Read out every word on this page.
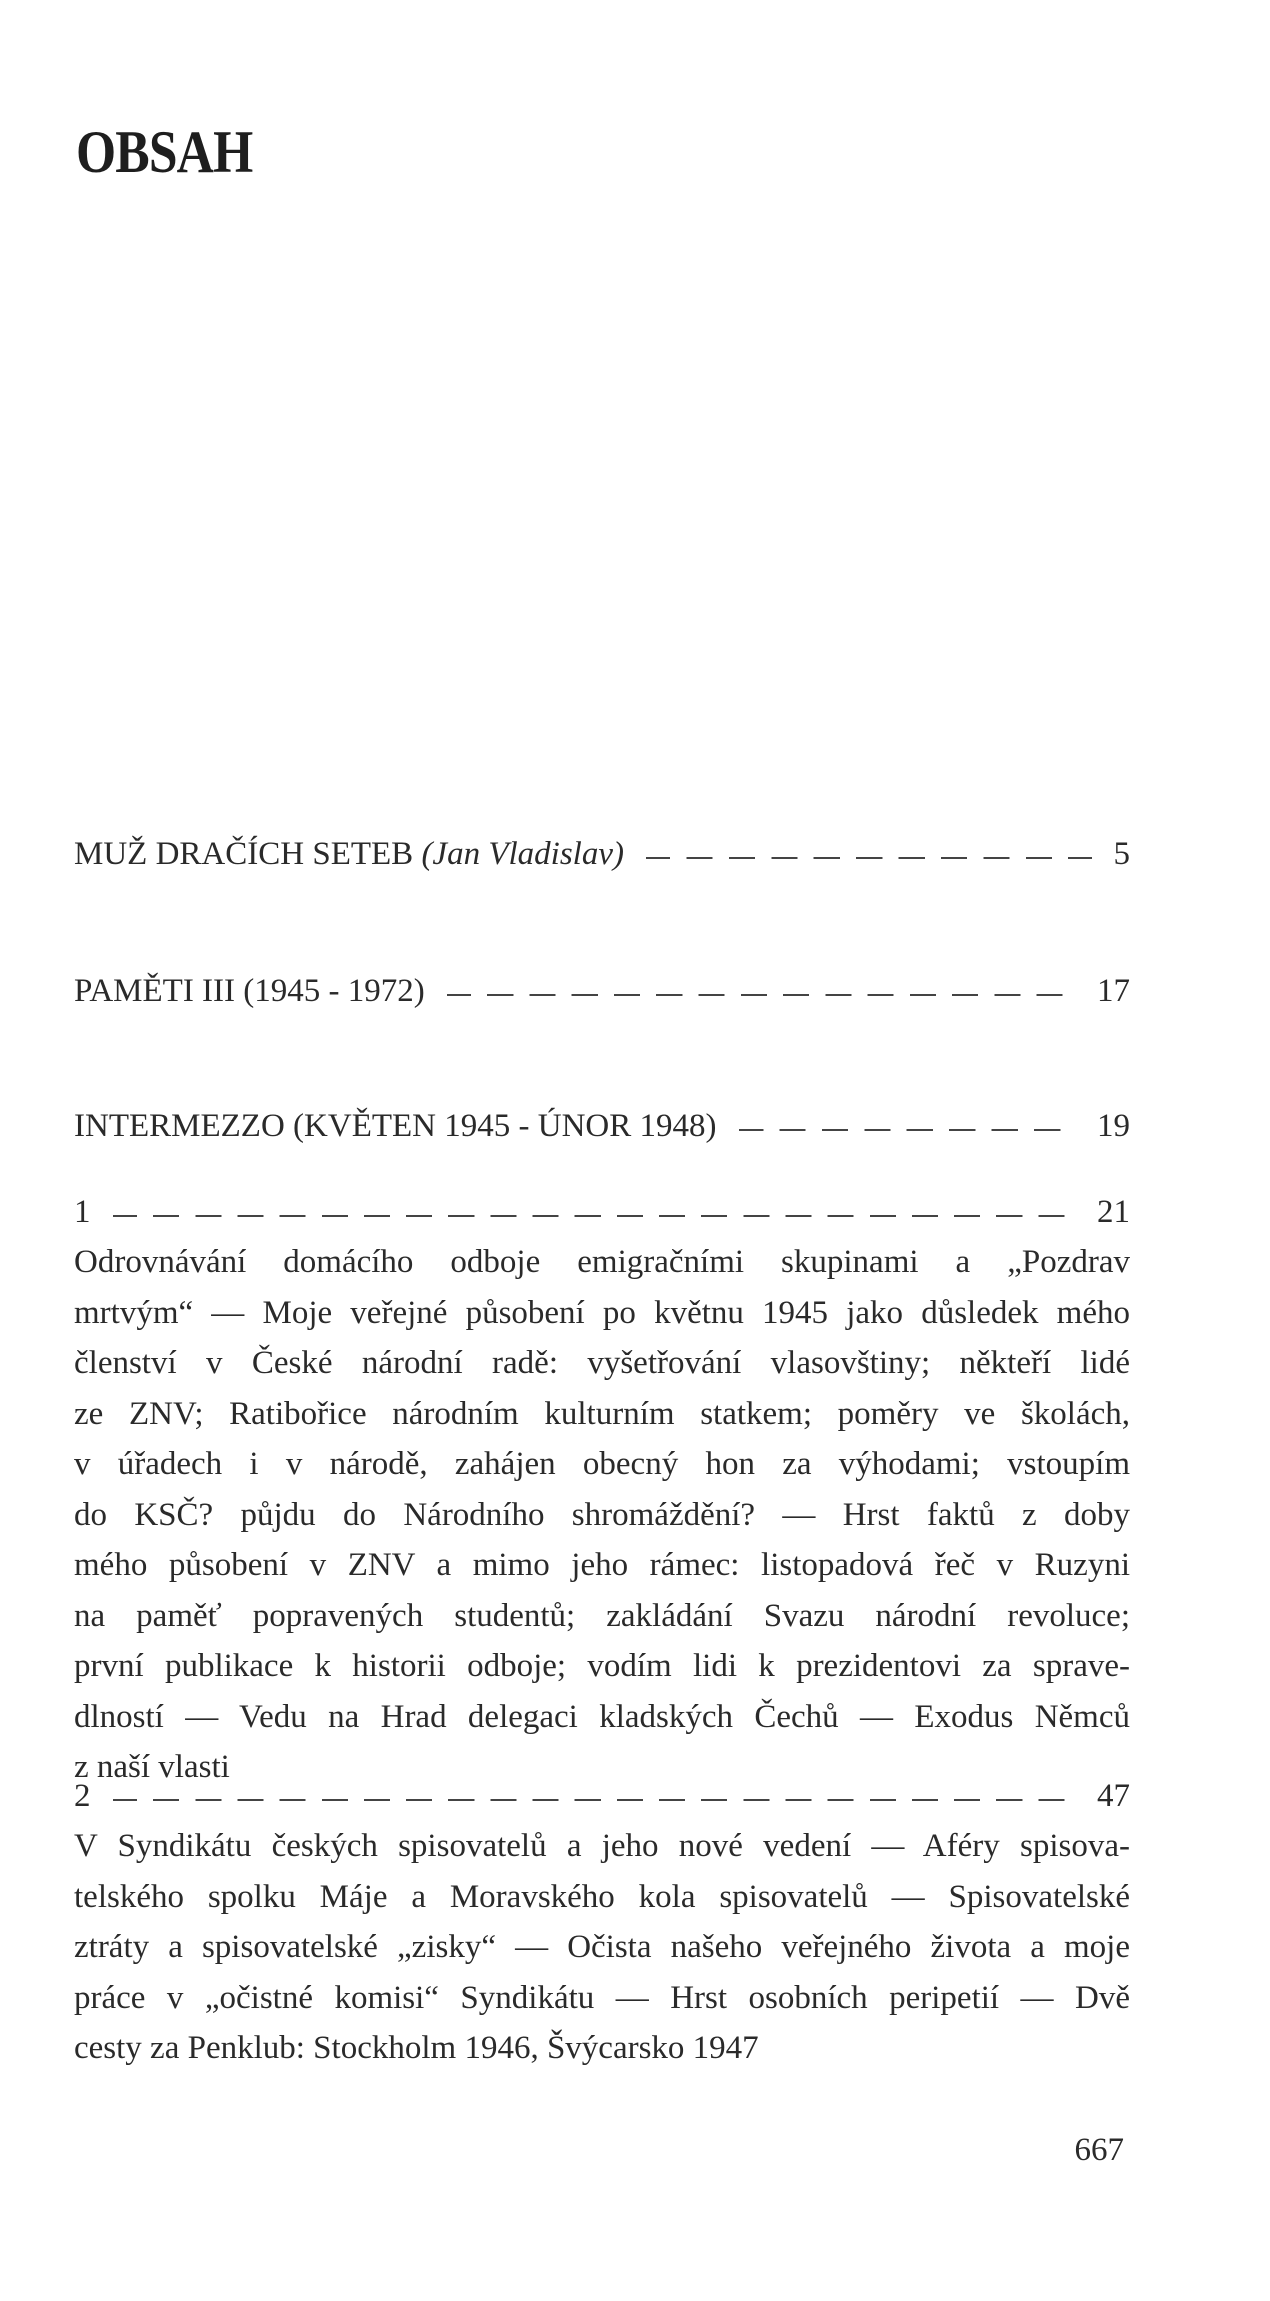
OBSAH
MUŽ DRAČÍCH SETEB (Jan Vladislav)	5
PAMĚTI III (1945 - 1972)	17
INTERMEZZO (KVĚTEN 1945 - ÚNOR 1948)	19
1	21
Odrovnávání domácího odboje emigračními skupinami a „Pozdrav
mrtvým“ — Moje veřejné působení po květnu 1945 jako důsledek mého
členství v České národní radě: vyšetřování vlasovštiny; někteří lidé
ze ZNV; Ratibořice národním kulturním statkem; poměry ve školách,
v úřadech i v národě, zahájen obecný hon za výhodami; vstoupím
do KSČ? půjdu do Národního shromáždění? — Hrst faktů z doby
mého působení v ZNV a mimo jeho rámec: listopadová řeč v Ruzyni
na paměť popravených studentů; zakládání Svazu národní revoluce;
první publikace k historii odboje; vodím lidi k prezidentovi za sprave-
dlností — Vedu na Hrad delegaci kladských Čechů — Exodus Němců
z naší vlasti
2	47
V Syndikátu českých spisovatelů a jeho nové vedení — Aféry spisova-
telského spolku Máje a Moravského kola spisovatelů — Spisovatelské
ztráty a spisovatelské „zisky“ — Očista našeho veřejného života a moje
práce v „očistné komisi“ Syndikátu — Hrst osobních peripetií — Dvě
cesty za Penklub: Stockholm 1946, Švýcarsko 1947
667
